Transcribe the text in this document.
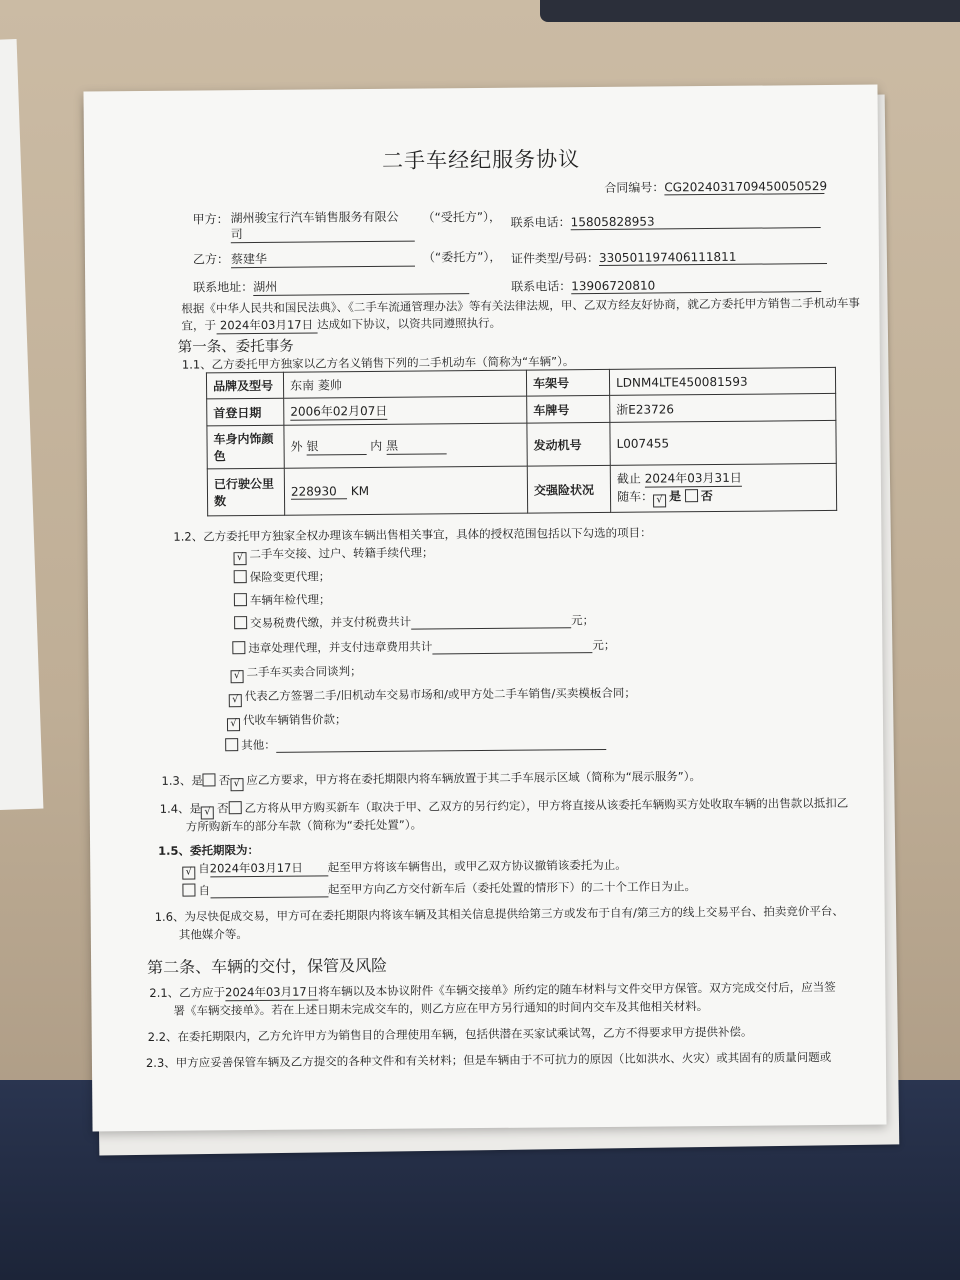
二手车经纪服务协议
合同编号：CG2024031709450050529
甲方： 湖州骏宝行汽车销售服务有限公
司
（“受托方”）， 联系电话：15805828953
乙方： 蔡建华	（“委托方”）， 证件类型/号码：330501197406111811
联系地址：湖州	联系电话：13906720810
根据《中华人民共和国民法典》、《二手车流通管理办法》等有关法律法规，甲、乙双方经友好协商，就乙方委托甲方销售二手机动车事
宜，于 2024年03月17日 达成如下协议，以资共同遵照执行。
第一条、委托事务
1.1、乙方委托甲方独家以乙方名义销售下列的二手机动车（简称为“车辆”）。
品牌及型号	东南 菱帅	车架号	LDNM4LTE450081593
首登日期	2006年02月07日	车牌号	浙E23726
车身内饰颜色	外 银 内 黑	发动机号	L007455
已行驶公里数	228930 KM	交强险状况	截止 2024年03月31日
随车： √ 是 否
1.2、乙方委托甲方独家全权办理该车辆出售相关事宜，具体的授权范围包括以下勾选的项目：
√ 二手车交接、过户、转籍手续代理；
保险变更代理；
车辆年检代理；
交易税费代缴，并支付税费共计	元；
违章处理代理，并支付违章费用共计	元；
√ 二手车买卖合同谈判；
√ 代表乙方签署二手/旧机动车交易市场和/或甲方处二手车销售/买卖模板合同；
√ 代收车辆销售价款；
其他：
1.3、是 否 √ 应乙方要求，甲方将在委托期限内将车辆放置于其二手车展示区域（简称为“展示服务”）。
1.4、是 √ 否 乙方将从甲方购买新车（取决于甲、乙双方的另行约定），甲方将直接从该委托车辆购买方处收取车辆的出售款以抵扣乙
方所购新车的部分车款（简称为“委托处置”）。
1.5、委托期限为：
√ 自2024年03月17日 起至甲方将该车辆售出，或甲乙双方协议撤销该委托为止。
自	起至甲方向乙方交付新车后（委托处置的情形下）的二十个工作日为止。
1.6、为尽快促成交易，甲方可在委托期限内将该车辆及其相关信息提供给第三方或发布于自有/第三方的线上交易平台、拍卖竞价平台、
其他媒介等。
第二条、车辆的交付，保管及风险
2.1、乙方应于2024年03月17日将车辆以及本协议附件《车辆交接单》所约定的随车材料与文件交甲方保管。双方完成交付后，应当签
署《车辆交接单》。若在上述日期未完成交车的，则乙方应在甲方另行通知的时间内交车及其他相关材料。
2.2、在委托期限内，乙方允许甲方为销售目的合理使用车辆，包括供潜在买家试乘试驾，乙方不得要求甲方提供补偿。
2.3、甲方应妥善保管车辆及乙方提交的各种文件和有关材料；但是车辆由于不可抗力的原因（比如洪水、火灾）或其固有的质量问题或
